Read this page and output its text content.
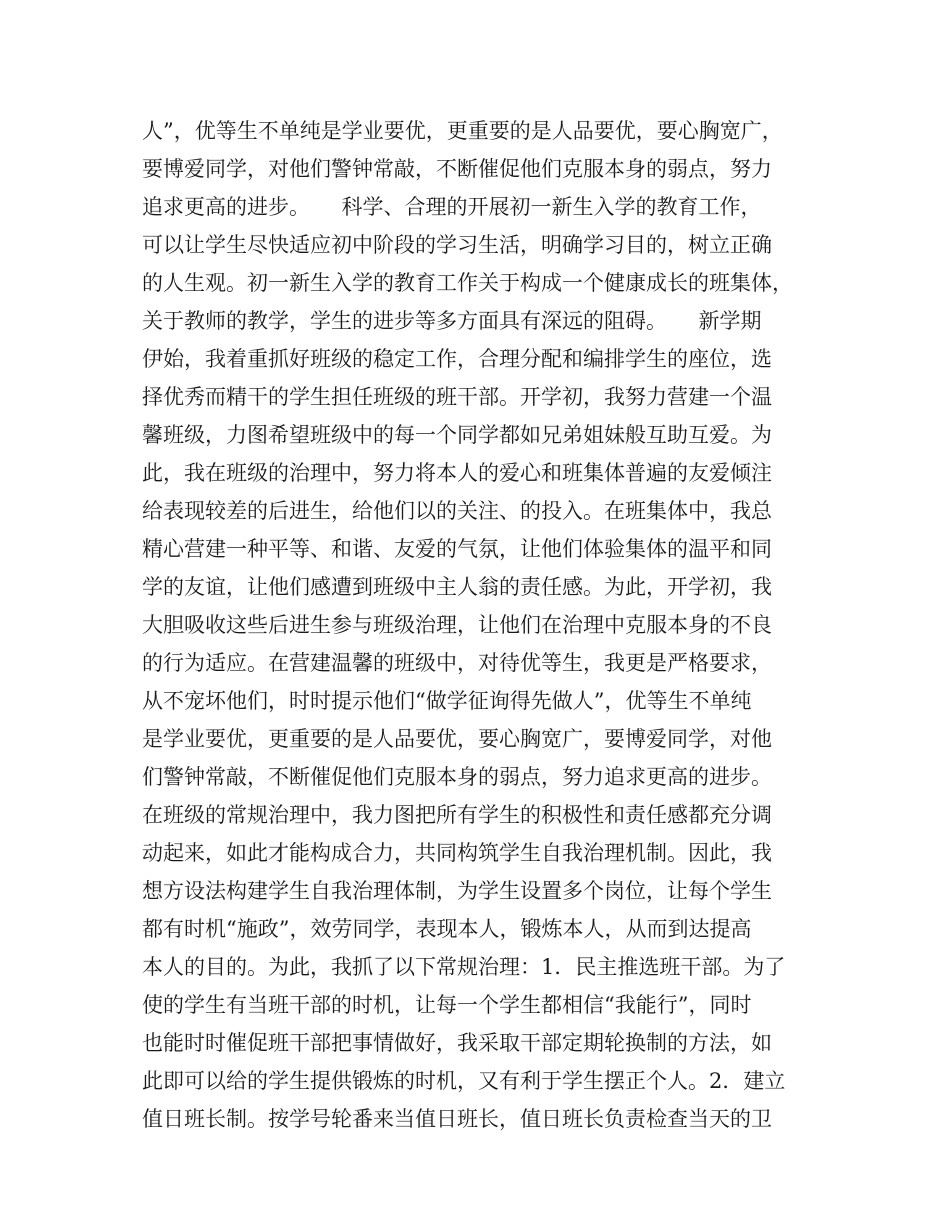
人”，优等生不单纯是学业要优，更重要的是人品要优，要心胸宽广，
要博爱同学，对他们警钟常敲，不断催促他们克服本身的弱点，努力
追求更高的进步。　　科学、合理的开展初一新生入学的教育工作，
可以让学生尽快适应初中阶段的学习生活，明确学习目的，树立正确
的人生观。初一新生入学的教育工作关于构成一个健康成长的班集体，
关于教师的教学，学生的进步等多方面具有深远的阻碍。　　新学期
伊始，我着重抓好班级的稳定工作，合理分配和编排学生的座位，选
择优秀而精干的学生担任班级的班干部。开学初，我努力营建一个温
馨班级，力图希望班级中的每一个同学都如兄弟姐妹般互助互爱。为
此，我在班级的治理中，努力将本人的爱心和班集体普遍的友爱倾注
给表现较差的后进生，给他们以的关注、的投入。在班集体中，我总
精心营建一种平等、和谐、友爱的气氛，让他们体验集体的温平和同
学的友谊，让他们感遭到班级中主人翁的责任感。为此，开学初，我
大胆吸收这些后进生参与班级治理，让他们在治理中克服本身的不良
的行为适应。在营建温馨的班级中，对待优等生，我更是严格要求，
从不宠坏他们，时时提示他们“做学征询得先做人”，优等生不单纯
是学业要优，更重要的是人品要优，要心胸宽广，要博爱同学，对他
们警钟常敲，不断催促他们克服本身的弱点，努力追求更高的进步。
在班级的常规治理中，我力图把所有学生的积极性和责任感都充分调
动起来，如此才能构成合力，共同构筑学生自我治理机制。因此，我
想方设法构建学生自我治理体制，为学生设置多个岗位，让每个学生
都有时机“施政”，效劳同学，表现本人，锻炼本人，从而到达提高
本人的目的。为此，我抓了以下常规治理：1．民主推选班干部。为了
使的学生有当班干部的时机，让每一个学生都相信“我能行”，同时
也能时时催促班干部把事情做好，我采取干部定期轮换制的方法，如
此即可以给的学生提供锻炼的时机，又有利于学生摆正个人。2．建立
值日班长制。按学号轮番来当值日班长，值日班长负责检查当天的卫
